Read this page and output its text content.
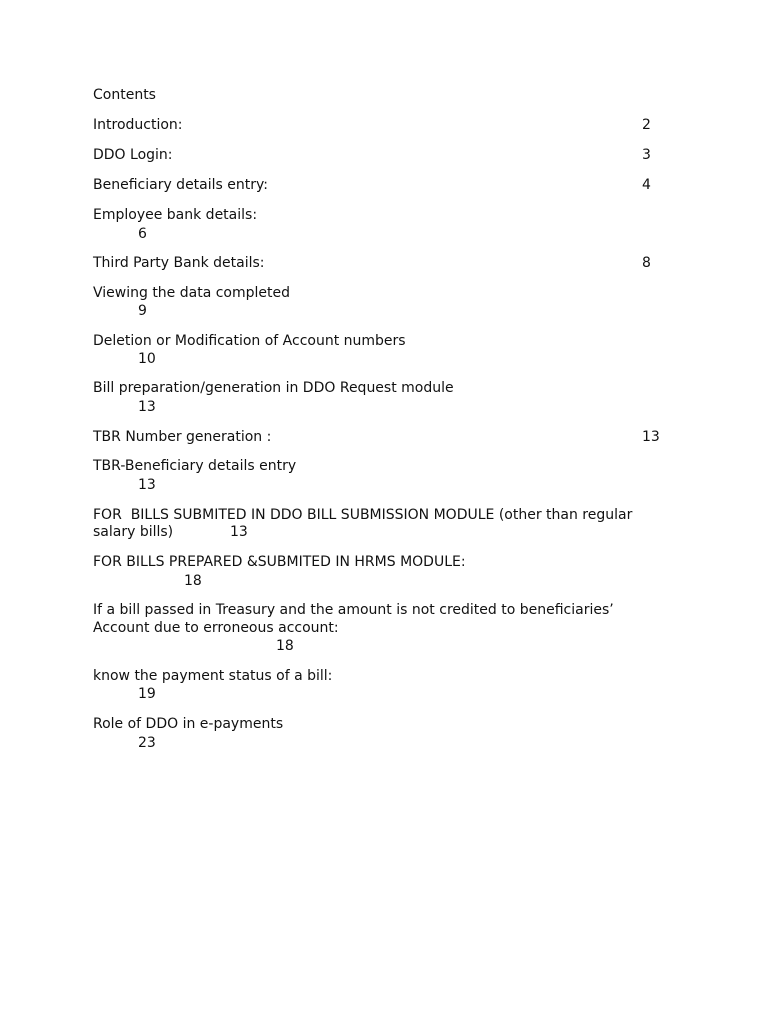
Contents
Introduction:	2
DDO Login:	3
Beneficiary details entry:	4
Employee bank details:
6
Third Party Bank details:	8
Viewing the data completed
9
Deletion or Modification of Account numbers
10
Bill preparation/generation in DDO Request module
13
TBR Number generation :	13
TBR-Beneficiary details entry
13
FOR  BILLS SUBMITED IN DDO BILL SUBMISSION MODULE (other than regular
salary bills)	13
FOR BILLS PREPARED &SUBMITED IN HRMS MODULE:
18
If a bill passed in Treasury and the amount is not credited to beneficiaries’
Account due to erroneous account:
18
know the payment status of a bill:
19
Role of DDO in e-payments
23
